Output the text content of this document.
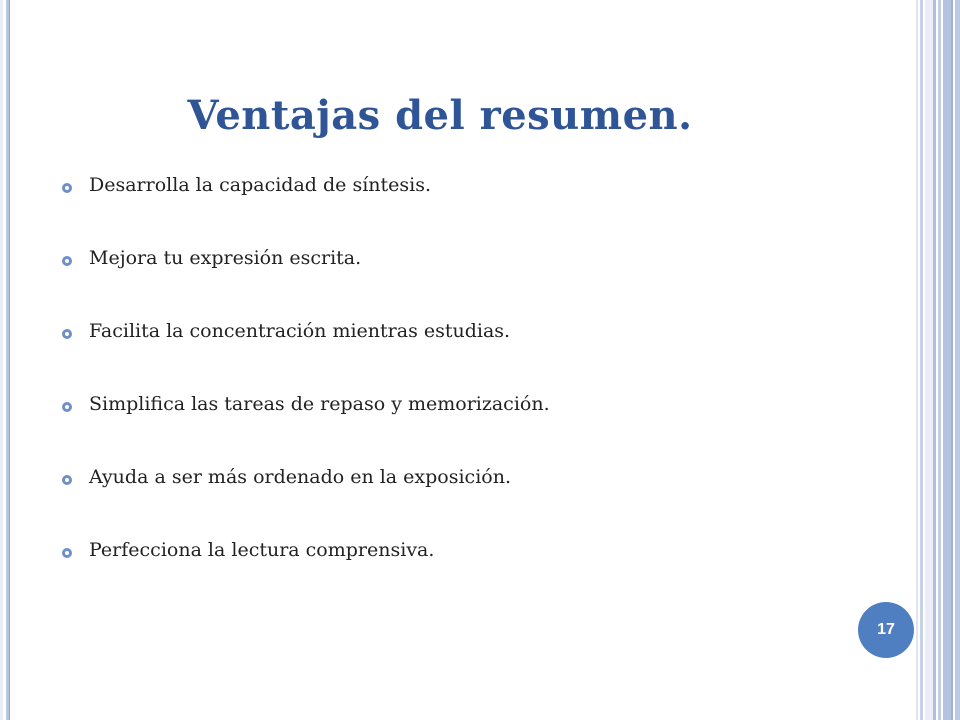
Ventajas del resumen.
Desarrolla la capacidad de síntesis.
Mejora tu expresión escrita.
Facilita la concentración mientras estudias.
Simplifica las tareas de repaso y memorización.
Ayuda a ser más ordenado en la exposición.
Perfecciona la lectura comprensiva.
17
